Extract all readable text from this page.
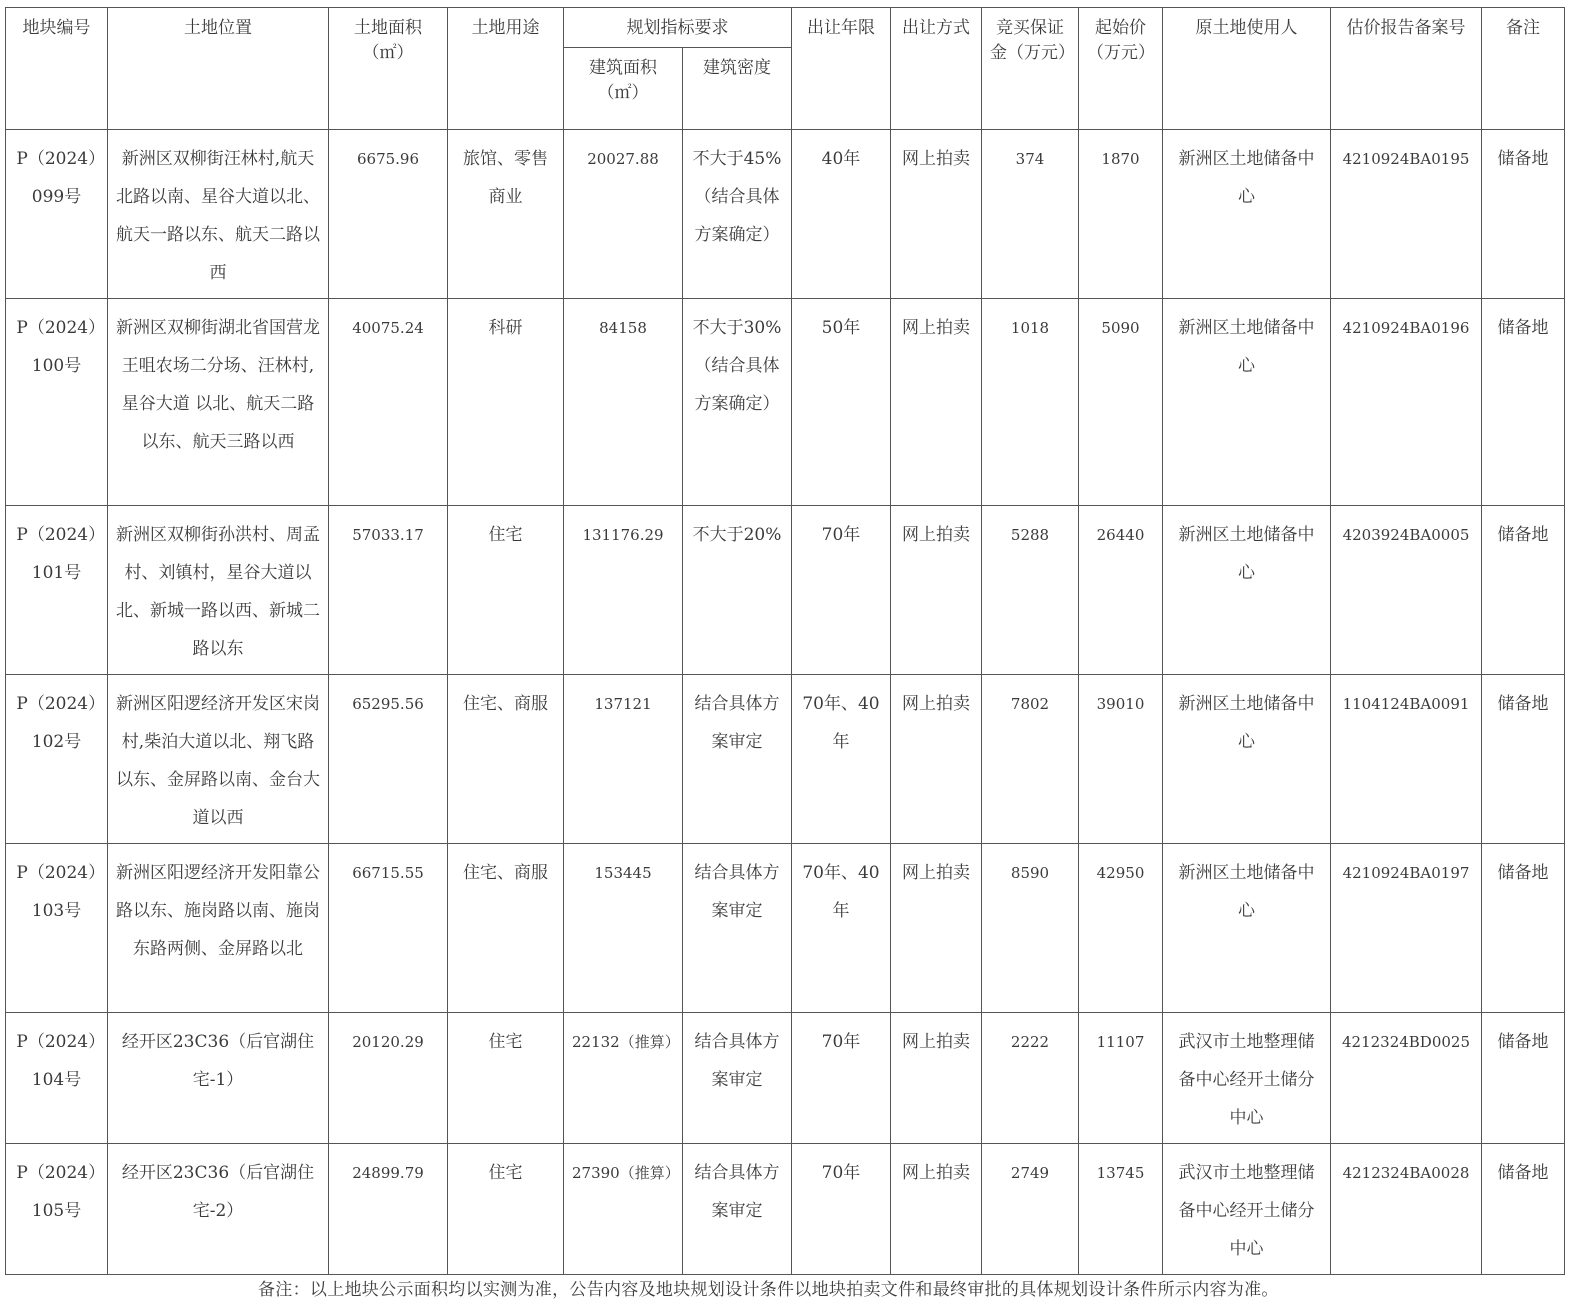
地块编号	土地位置	土地面积（㎡）	土地用途	规划指标要求		出让年限	出让方式	竞买保证金（万元）	起始价（万元）	原土地使用人	估价报告备案号	备注
				建筑面积（㎡）	建筑密度							
P（2024）099号	新洲区双柳街汪林村,航天北路以南、星谷大道以北、航天一路以东、航天二路以西	6675.96	旅馆、零售商业	20027.88	不大于45%（结合具体方案确定）	40年	网上拍卖	374	1870	新洲区土地储备中心	4210924BA0195	储备地
P（2024）100号	新洲区双柳街湖北省国营龙王咀农场二分场、汪林村,星谷大道 以北、航天二路以东、航天三路以西	40075.24	科研	84158	不大于30%（结合具体方案确定）	50年	网上拍卖	1018	5090	新洲区土地储备中心	4210924BA0196	储备地
P（2024）101号	新洲区双柳街孙洪村、周孟村、刘镇村，星谷大道以北、新城一路以西、新城二路以东	57033.17	住宅	131176.29	不大于20%	70年	网上拍卖	5288	26440	新洲区土地储备中心	4203924BA0005	储备地
P（2024）102号	新洲区阳逻经济开发区宋岗村,柴泊大道以北、翔飞路以东、金屏路以南、金台大道以西	65295.56	住宅、商服	137121	结合具体方案审定	70年、40年	网上拍卖	7802	39010	新洲区土地储备中心	1104124BA0091	储备地
P（2024）103号	新洲区阳逻经济开发阳靠公路以东、施岗路以南、施岗东路两侧、金屏路以北	66715.55	住宅、商服	153445	结合具体方案审定	70年、40年	网上拍卖	8590	42950	新洲区土地储备中心	4210924BA0197	储备地
P（2024）104号	经开区23C36（后官湖住宅-1）	20120.29	住宅	22132（推算）	结合具体方案审定	70年	网上拍卖	2222	11107	武汉市土地整理储备中心经开土储分中心	4212324BD0025	储备地
P（2024）105号	经开区23C36（后官湖住宅-2）	24899.79	住宅	27390（推算）	结合具体方案审定	70年	网上拍卖	2749	13745	武汉市土地整理储备中心经开土储分中心	4212324BA0028	储备地
备注：以上地块公示面积均以实测为准，公告内容及地块规划设计条件以地块拍卖文件和最终审批的具体规划设计条件所示内容为准。
